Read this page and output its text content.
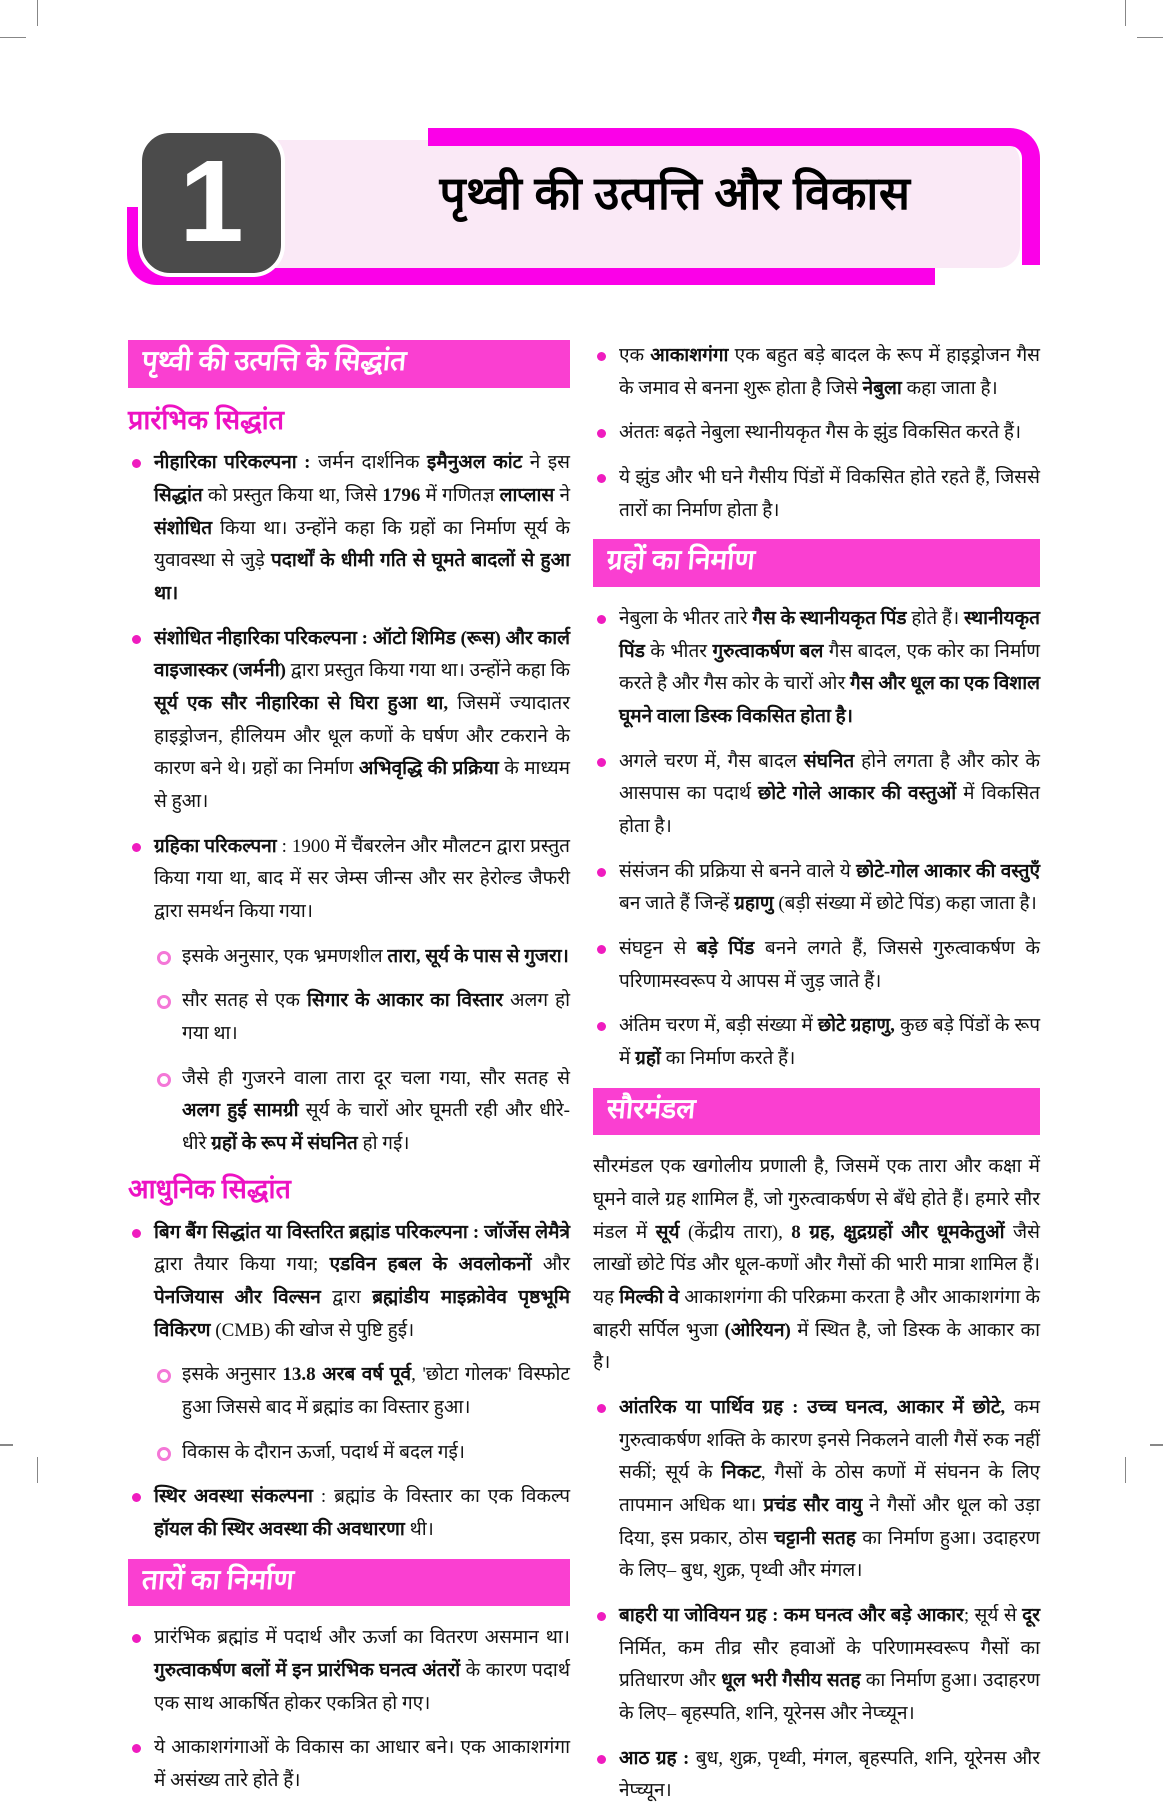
पृथ्वी की उत्पत्ति और विकास
1
पृथ्वी की उत्पत्ति के सिद्धांत
प्रारंभिक सिद्धांत
नीहारिका परिकल्पना : जर्मन दार्शनिक इमैनुअल कांट ने इस सिद्धांत को प्रस्तुत किया था, जिसे 1796 में गणितज्ञ लाप्लास ने संशोधित किया था। उन्होंने कहा कि ग्रहों का निर्माण सूर्य के युवावस्था से जुड़े पदार्थों के धीमी गति से घूमते बादलों से हुआ था।
संशोधित नीहारिका परिकल्पना : ऑटो शिमिड (रूस) और कार्ल वाइजास्कर (जर्मनी) द्वारा प्रस्तुत किया गया था। उन्होंने कहा कि सूर्य एक सौर नीहारिका से घिरा हुआ था, जिसमें ज्यादातर हाइड्रोजन, हीलियम और धूल कणों के घर्षण और टकराने के कारण बने थे। ग्रहों का निर्माण अभिवृद्धि की प्रक्रिया के माध्यम से हुआ।
ग्रहिका परिकल्पना : 1900 में चैंबरलेन और मौलटन द्वारा प्रस्तुत किया गया था, बाद में सर जेम्स जीन्स और सर हेरोल्ड जैफरी द्वारा समर्थन किया गया।
इसके अनुसार, एक भ्रमणशील तारा, सूर्य के पास से गुजरा।
सौर सतह से एक सिगार के आकार का विस्तार अलग हो गया था।
जैसे ही गुजरने वाला तारा दूर चला गया, सौर सतह से अलग हुई सामग्री सूर्य के चारों ओर घूमती रही और धीरे-धीरे ग्रहों के रूप में संघनित हो गई।
आधुनिक सिद्धांत
बिग बैंग सिद्धांत या विस्तरित ब्रह्मांड परिकल्पना : जॉर्जेस लेमैत्रे द्वारा तैयार किया गया; एडविन हबल के अवलोकनों और पेनजियास और विल्सन द्वारा ब्रह्मांडीय माइक्रोवेव पृष्ठभूमि विकिरण (CMB) की खोज से पुष्टि हुई।
इसके अनुसार 13.8 अरब वर्ष पूर्व, 'छोटा गोलक' विस्फोट हुआ जिससे बाद में ब्रह्मांड का विस्तार हुआ।
विकास के दौरान ऊर्जा, पदार्थ में बदल गई।
स्थिर अवस्था संकल्पना : ब्रह्मांड के विस्तार का एक विकल्प हॉयल की स्थिर अवस्था की अवधारणा थी।
तारों का निर्माण
प्रारंभिक ब्रह्मांड में पदार्थ और ऊर्जा का वितरण असमान था। गुरुत्वाकर्षण बलों में इन प्रारंभिक घनत्व अंतरों के कारण पदार्थ एक साथ आकर्षित होकर एकत्रित हो गए।
ये आकाशगंगाओं के विकास का आधार बने। एक आकाशगंगा में असंख्य तारे होते हैं।
एक आकाशगंगा एक बहुत बड़े बादल के रूप में हाइड्रोजन गैस के जमाव से बनना शुरू होता है जिसे नेबुला कहा जाता है।
अंततः बढ़ते नेबुला स्थानीयकृत गैस के झुंड विकसित करते हैं।
ये झुंड और भी घने गैसीय पिंडों में विकसित होते रहते हैं, जिससे तारों का निर्माण होता है।
ग्रहों का निर्माण
नेबुला के भीतर तारे गैस के स्थानीयकृत पिंड होते हैं। स्थानीयकृत पिंड के भीतर गुरुत्वाकर्षण बल गैस बादल, एक कोर का निर्माण करते है और गैस कोर के चारों ओर गैस और धूल का एक विशाल घूमने वाला डिस्क विकसित होता है।
अगले चरण में, गैस बादल संघनित होने लगता है और कोर के आसपास का पदार्थ छोटे गोले आकार की वस्तुओं में विकसित होता है।
संसंजन की प्रक्रिया से बनने वाले ये छोटे-गोल आकार की वस्तुएँ बन जाते हैं जिन्हें ग्रहाणु (बड़ी संख्या में छोटे पिंड) कहा जाता है।
संघट्टन से बड़े पिंड बनने लगते हैं, जिससे गुरुत्वाकर्षण के परिणामस्वरूप ये आपस में जुड़ जाते हैं।
अंतिम चरण में, बड़ी संख्या में छोटे ग्रहाणु, कुछ बड़े पिंडों के रूप में ग्रहों का निर्माण करते हैं।
सौरमंडल
सौरमंडल एक खगोलीय प्रणाली है, जिसमें एक तारा और कक्षा में घूमने वाले ग्रह शामिल हैं, जो गुरुत्वाकर्षण से बँधे होते हैं। हमारे सौर मंडल में सूर्य (केंद्रीय तारा), 8 ग्रह, क्षुद्रग्रहों और धूमकेतुओं जैसे लाखों छोटे पिंड और धूल-कणों और गैसों की भारी मात्रा शामिल हैं। यह मिल्की वे आकाशगंगा की परिक्रमा करता है और आकाशगंगा के बाहरी सर्पिल भुजा (ओरियन) में स्थित है, जो डिस्क के आकार का है।
आंतरिक या पार्थिव ग्रह : उच्च घनत्व, आकार में छोटे, कम गुरुत्वाकर्षण शक्ति के कारण इनसे निकलने वाली गैसें रुक नहीं सकीं; सूर्य के निकट, गैसों के ठोस कणों में संघनन के लिए तापमान अधिक था। प्रचंड सौर वायु ने गैसों और धूल को उड़ा दिया, इस प्रकार, ठोस चट्टानी सतह का निर्माण हुआ। उदाहरण के लिए– बुध, शुक्र, पृथ्वी और मंगल।
बाहरी या जोवियन ग्रह : कम घनत्व और बड़े आकार; सूर्य से दूर निर्मित, कम तीव्र सौर हवाओं के परिणामस्वरूप गैसों का प्रतिधारण और धूल भरी गैसीय सतह का निर्माण हुआ। उदाहरण के लिए– बृहस्पति, शनि, यूरेनस और नेप्च्यून।
आठ ग्रह : बुध, शुक्र, पृथ्वी, मंगल, बृहस्पति, शनि, यूरेनस और नेप्च्यून।
